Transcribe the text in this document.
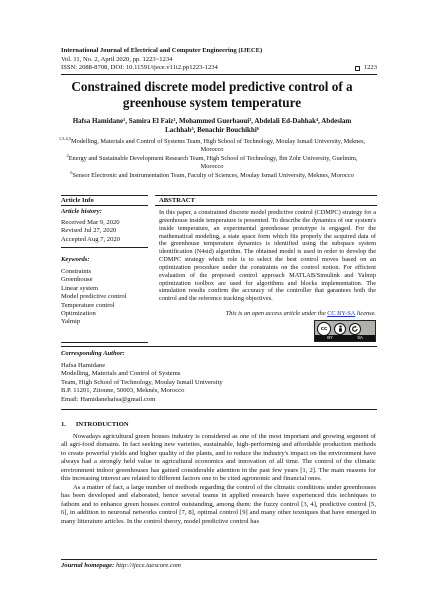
International Journal of Electrical and Computer Engineering (IJECE)
Vol. 11, No. 2, April 2020, pp. 1223~1234
ISSN: 2088-8708, DOI: 10.11591/ijece.v11i2.pp1223-1234	1223
Constrained discrete model predictive control of a
greenhouse system temperature
Hafsa Hamidane¹, Samira El Faiz², Mohammed Guerbaoui³, Abdelali Ed-Dahhak⁴, Abdeslam
Lachhab⁵, Benachir Bouchikhi⁶

$^{1,3,4,5}$Modelling, Materials and Control of Systems Team, High School of Technology, Moulay Ismail University, Meknes,
Morocco

$^2$Energy and Sustainable Development Research Team, High School of Technology, Ibn Zohr University, Guelmim,
Morocco

$^6$Sensor Electronic and Instrumentation Team, Faculty of Sciences, Moulay Ismail University, Meknes, Morocco

Article Info
Article history:
Received Mar 9, 2020
Revised Jul 27, 2020
Accepted Aug 7, 2020
Keywords:
Constraints
Greenhouse
Linear system
Model predictive control
Temperature control
Optimization
Yalmip
ABSTRACT
In this paper, a constrained discrete model predictive control (CDMPC) strategy for a greenhouse inside temperature is presented. To describe the dynamics of our system's inside temperature, an experimental greenhouse prototype is engaged. For the mathematical modeling, a state space form which fits properly the acquired data of the greenhouse temperature dynamics is identified using the subspace system identification (N4sid) algorithm. The obtained model is used in order to develop the CDMPC strategy which role is to select the best control moves based on an optimization procedure under the constraints on the control notion. For efficient evaluation of the proposed control approach MATLAB/Simulink and Yalmip optimization toolbox are used for algorithms and blocks implementation. The simulation results confirm the accuracy of the controller that garantees both the control and the reference tracking objectives.
This is an open access article under the CC BY-SA license.
cc
BY	SA
Corresponding Author:
Hafsa Hamidane
Modelling, Materials and Control of Systems
Team, High School of Technology, Moulay Ismail University
B.P. 11201, Zitoune, 50003, Meknès, Morocco
Email: Hamidanehafsa@gmail.com
1.      INTRODUCTION

Nowadays agricultural green houses industry is considered as one of the most important and growing segment of all agri-food domains. In fact seeking new varieties, sustainable, high-performing and affordable production methods to create powerful yields and higher quality of the plants, and to reduce the industry's impact on the environment have always had a strongly held value in agricultural economics and innovation of all time. The control of the climatic environment indoor greenhouses has gained considerable attention in the past few years [1, 2]. The main reasons for this increasing interest are related to different factors one to be cited agronomic and financial ones.

As a matter of fact, a large number of methods regarding the control of the climatic conditions under greenhouses has been developed and elaborated, hence several teams in applied research have experienced this techniques to fathom and to enhance green houses control outstanding, among them: the fuzzy control [3, 4], predictive control [5, 6], in addition to neuronal networks control [7, 8], optimal control [9] and many other texniques that have emerged in many litterature articles. In the control theory, model predictive control has

Journal homepage: http://ijece.iaescore.com
